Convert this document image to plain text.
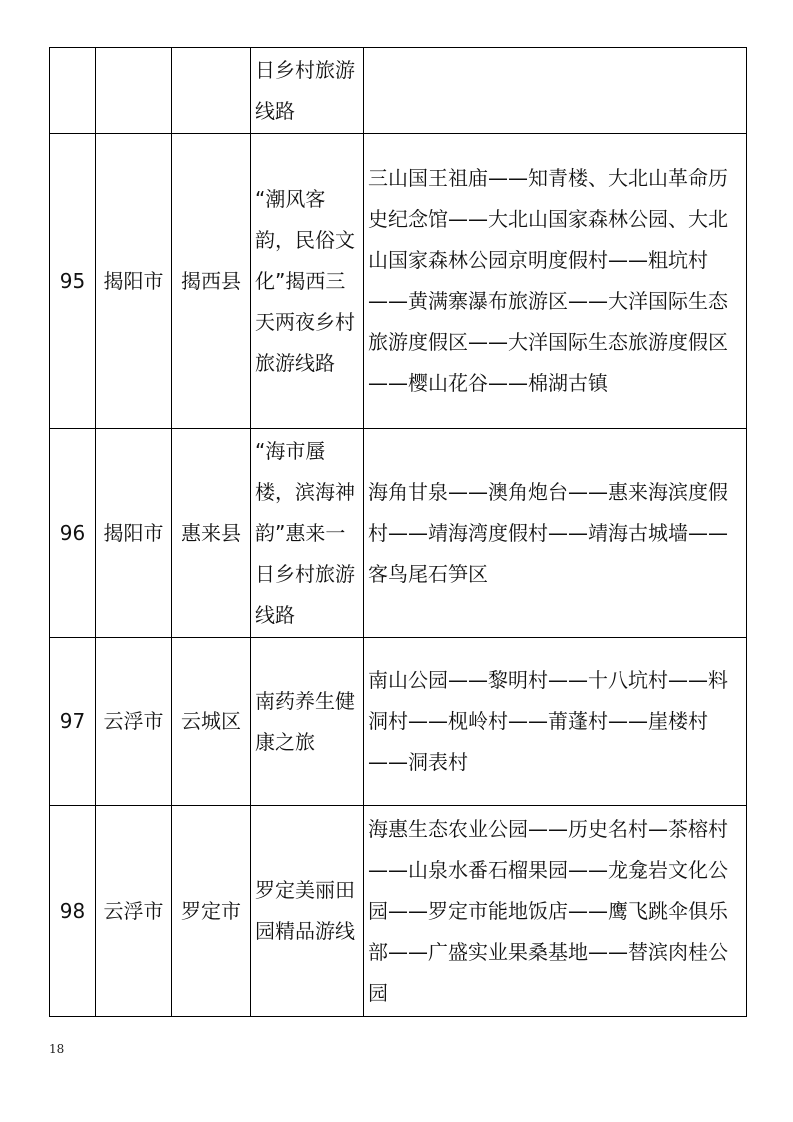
			日乡村旅游线路	
95	揭阳市	揭西县	“潮风客韵，民俗文化”揭西三天两夜乡村旅游线路	三山国王祖庙——知青楼、大北山革命历史纪念馆——大北山国家森林公园、大北山国家森林公园京明度假村——粗坑村——黄满寨瀑布旅游区——大洋国际生态旅游度假区——大洋国际生态旅游度假区——樱山花谷——棉湖古镇
96	揭阳市	惠来县	“海市蜃楼，滨海神韵”惠来一日乡村旅游线路	海角甘泉——澳角炮台——惠来海滨度假村——靖海湾度假村——靖海古城墙——客鸟尾石笋区
97	云浮市	云城区	南药养生健康之旅	南山公园——黎明村——十八坑村——料洞村——枧岭村——莆蓬村——崖楼村——洞表村
98	云浮市	罗定市	罗定美丽田园精品游线	海惠生态农业公园——历史名村—茶榕村——山泉水番石榴果园——龙龛岩文化公园——罗定市能地饭店——鹰飞跳伞俱乐部——广盛实业果桑基地——替滨肉桂公园
18
